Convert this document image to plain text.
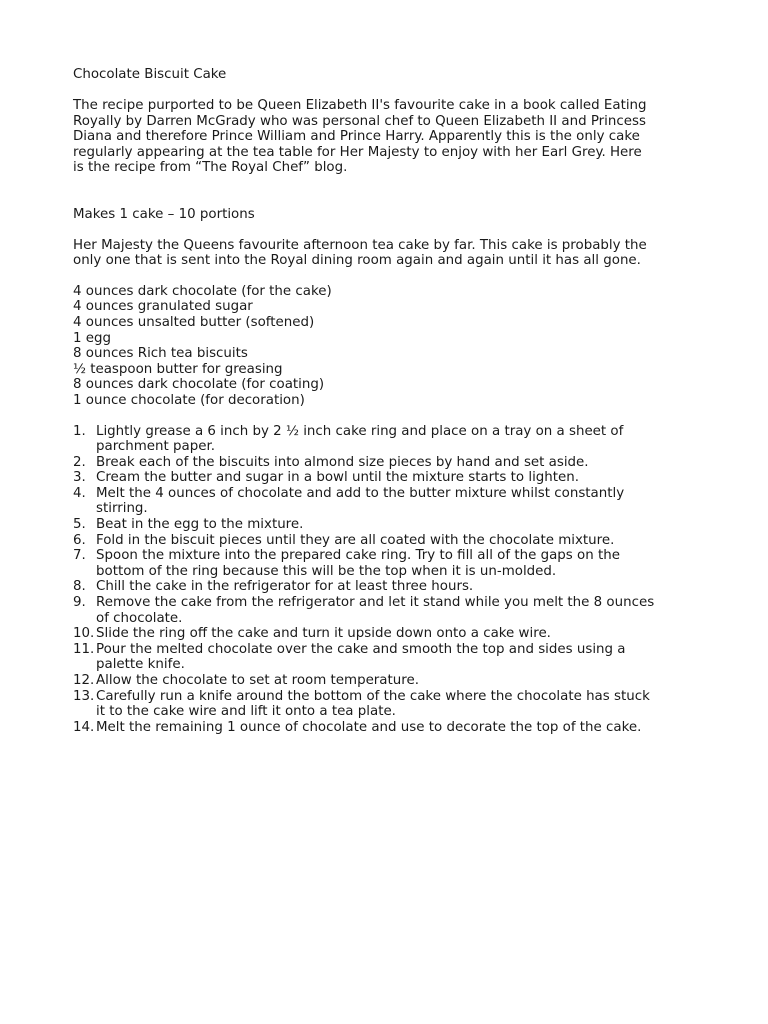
Chocolate Biscuit Cake
The recipe purported to be Queen Elizabeth II's favourite cake in a book called Eating
Royally by Darren McGrady who was personal chef to Queen Elizabeth II and Princess
Diana and therefore Prince William and Prince Harry. Apparently this is the only cake
regularly appearing at the tea table for Her Majesty to enjoy with her Earl Grey. Here
is the recipe from “The Royal Chef” blog.
Makes 1 cake – 10 portions
Her Majesty the Queens favourite afternoon tea cake by far. This cake is probably the
only one that is sent into the Royal dining room again and again until it has all gone.
4 ounces dark chocolate (for the cake)
4 ounces granulated sugar
4 ounces unsalted butter (softened)
1 egg
8 ounces Rich tea biscuits
½ teaspoon butter for greasing
8 ounces dark chocolate (for coating)
1 ounce chocolate (for decoration)
1. Lightly grease a 6 inch by 2 ½ inch cake ring and place on a tray on a sheet of
parchment paper.
2. Break each of the biscuits into almond size pieces by hand and set aside.
3. Cream the butter and sugar in a bowl until the mixture starts to lighten.
4. Melt the 4 ounces of chocolate and add to the butter mixture whilst constantly
stirring.
5. Beat in the egg to the mixture.
6. Fold in the biscuit pieces until they are all coated with the chocolate mixture.
7. Spoon the mixture into the prepared cake ring. Try to fill all of the gaps on the
bottom of the ring because this will be the top when it is un-molded.
8. Chill the cake in the refrigerator for at least three hours.
9. Remove the cake from the refrigerator and let it stand while you melt the 8 ounces
of chocolate.
10. Slide the ring off the cake and turn it upside down onto a cake wire.
11. Pour the melted chocolate over the cake and smooth the top and sides using a
palette knife.
12. Allow the chocolate to set at room temperature.
13. Carefully run a knife around the bottom of the cake where the chocolate has stuck
it to the cake wire and lift it onto a tea plate.
14. Melt the remaining 1 ounce of chocolate and use to decorate the top of the cake.
